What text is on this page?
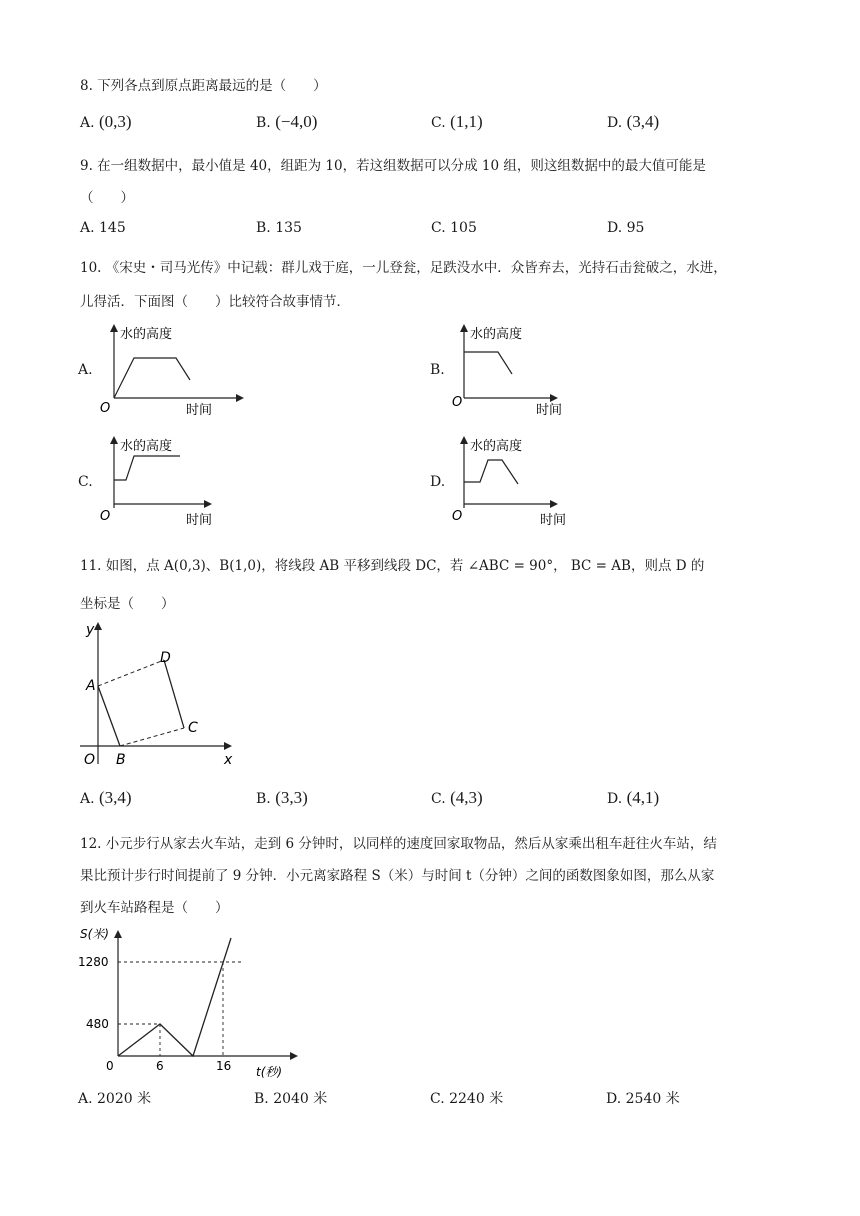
8. 下列各点到原点距离最远的是（　　）
A. (0,3)	B. (−4,0)	C. (1,1)	D. (3,4)
9. 在一组数据中，最小值是 40，组距为 10，若这组数据可以分成 10 组，则这组数据中的最大值可能是
（　　）
A. 145	B. 135	C. 105	D. 95
10. 《宋史・司马光传》中记载：群儿戏于庭，一儿登瓮，足跌没水中．众皆弃去，光持石击瓮破之，水进，
儿得活．下面图（　　）比较符合故事情节．
A.
水的高度
时间
O
B.
水的高度
时间
O
C.
水的高度
时间
O
D.
水的高度
时间
O
11. 如图，点 A(0,3)、B(1,0)，将线段 AB 平移到线段 DC，若 ∠ABC = 90°， BC = AB，则点 D 的
坐标是（　　）
y
x
O
A
B
C
D
A. (3,4)	B. (3,3)	C. (4,3)	D. (4,1)
12. 小元步行从家去火车站，走到 6 分钟时，以同样的速度回家取物品，然后从家乘出租车赶往火车站，结
果比预计步行时间提前了 9 分钟．小元离家路程 S（米）与时间 t（分钟）之间的函数图象如图，那么从家
到火车站路程是（　　）
S(米)
1280
480
0	6	16 t(秒)
A. 2020 米	B. 2040 米	C. 2240 米	D. 2540 米
